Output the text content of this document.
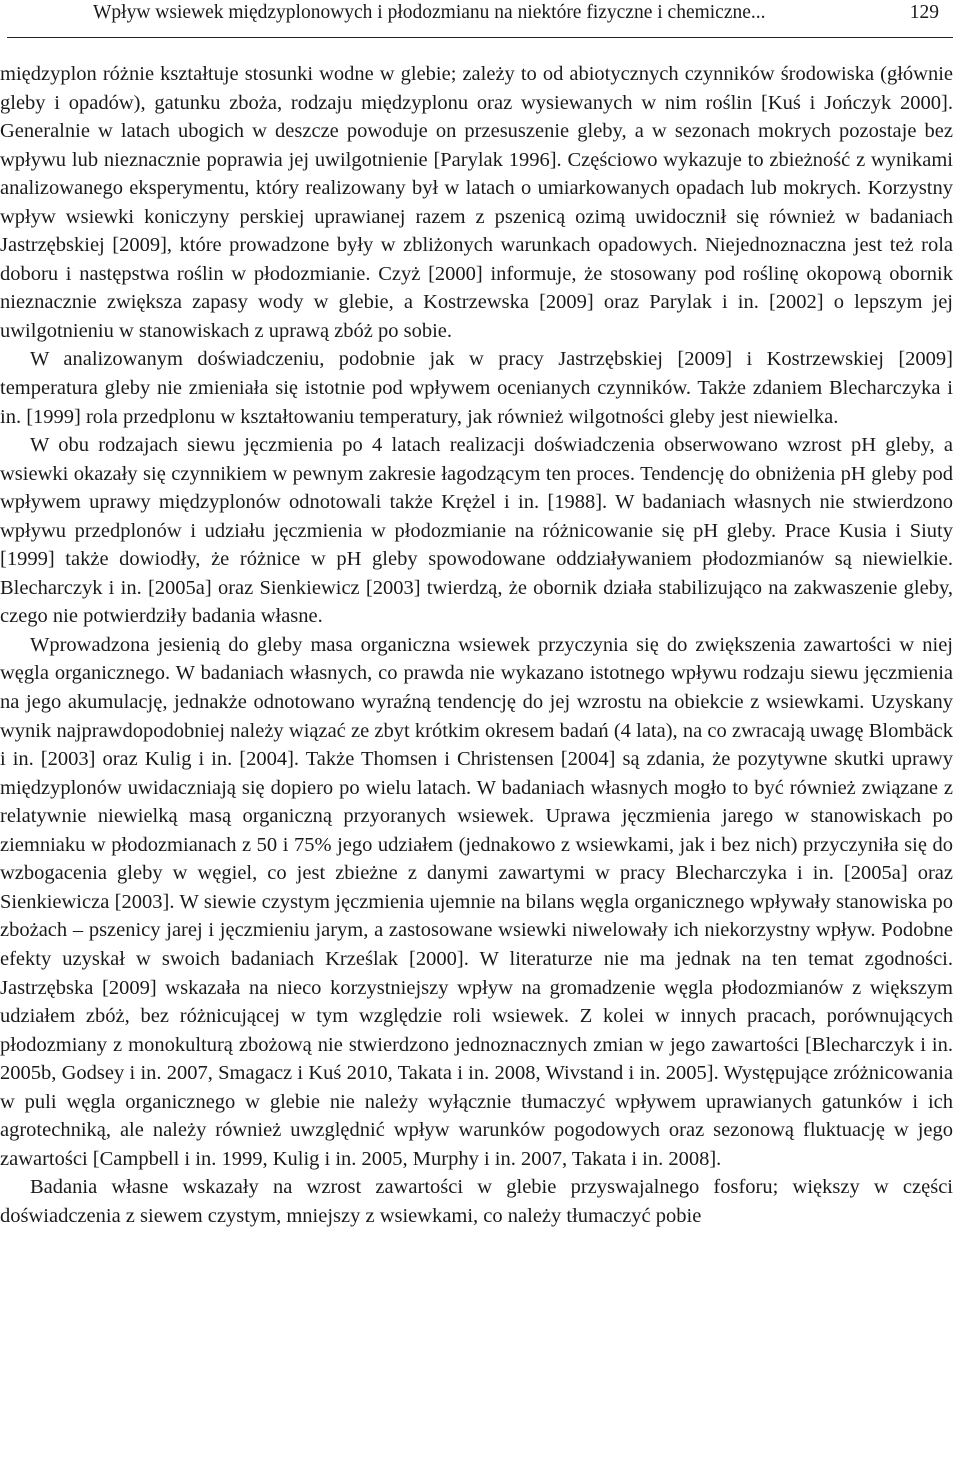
Wpływ wsiewek międzyplonowych i płodozmianu na niektóre fizyczne i chemiczne...	129

międzyplon różnie kształtuje stosunki wodne w glebie; zależy to od abiotycznych czynników środowiska (głównie gleby i opadów), gatunku zboża, rodzaju międzyplonu oraz wysiewanych w nim roślin [Kuś i Jończyk 2000]. Generalnie w latach ubogich w deszcze powoduje on przesuszenie gleby, a w sezonach mokrych pozostaje bez wpływu lub nieznacznie poprawia jej uwilgotnienie [Parylak 1996]. Częściowo wykazuje to zbieżność z wynikami analizowanego eksperymentu, który realizowany był w latach o umiarkowanych opadach lub mokrych. Korzystny wpływ wsiewki koniczyny perskiej uprawianej razem z pszenicą ozimą uwidocznił się również w badaniach Jastrzębskiej [2009], które prowadzone były w zbliżonych warunkach opadowych. Niejednoznaczna jest też rola doboru i następstwa roślin w płodozmianie. Czyż [2000] informuje, że stosowany pod roślinę okopową obornik nieznacznie zwiększa zapasy wody w glebie, a Kostrzewska [2009] oraz Parylak i in. [2002] o lepszym jej uwilgotnieniu w stanowiskach z uprawą zbóż po sobie.

W analizowanym doświadczeniu, podobnie jak w pracy Jastrzębskiej [2009] i Kostrzewskiej [2009] temperatura gleby nie zmieniała się istotnie pod wpływem ocenianych czynników. Także zdaniem Blecharczyka i in. [1999] rola przedplonu w kształtowaniu temperatury, jak również wilgotności gleby jest niewielka.

W obu rodzajach siewu jęczmienia po 4 latach realizacji doświadczenia obserwowano wzrost pH gleby, a wsiewki okazały się czynnikiem w pewnym zakresie łagodzącym ten proces. Tendencję do obniżenia pH gleby pod wpływem uprawy międzyplonów odnotowali także Krężel i in. [1988]. W badaniach własnych nie stwierdzono wpływu przedplonów i udziału jęczmienia w płodozmianie na różnicowanie się pH gleby. Prace Kusia i Siuty [1999] także dowiodły, że różnice w pH gleby spowodowane oddziaływaniem płodozmianów są niewielkie. Blecharczyk i in. [2005a] oraz Sienkiewicz [2003] twierdzą, że obornik działa stabilizująco na zakwaszenie gleby, czego nie potwierdziły badania własne.

Wprowadzona jesienią do gleby masa organiczna wsiewek przyczynia się do zwiększenia zawartości w niej węgla organicznego. W badaniach własnych, co prawda nie wykazano istotnego wpływu rodzaju siewu jęczmienia na jego akumulację, jednakże odnotowano wyraźną tendencję do jej wzrostu na obiekcie z wsiewkami. Uzyskany wynik najprawdopodobniej należy wiązać ze zbyt krótkim okresem badań (4 lata), na co zwracają uwagę Blombäck i in. [2003] oraz Kulig i in. [2004]. Także Thomsen i Christensen [2004] są zdania, że pozytywne skutki uprawy międzyplonów uwidaczniają się dopiero po wielu latach. W badaniach własnych mogło to być również związane z relatywnie niewielką masą organiczną przyoranych wsiewek. Uprawa jęczmienia jarego w stanowiskach po ziemniaku w płodozmianach z 50 i 75% jego udziałem (jednakowo z wsiewkami, jak i bez nich) przyczyniła się do wzbogacenia gleby w węgiel, co jest zbieżne z danymi zawartymi w pracy Blecharczyka i in. [2005a] oraz Sienkiewicza [2003]. W siewie czystym jęczmienia ujemnie na bilans węgla organicznego wpływały stanowiska po zbożach – pszenicy jarej i jęczmieniu jarym, a zastosowane wsiewki niwelowały ich niekorzystny wpływ. Podobne efekty uzyskał w swoich badaniach Krześlak [2000]. W literaturze nie ma jednak na ten temat zgodności. Jastrzębska [2009] wskazała na nieco korzystniejszy wpływ na gromadzenie węgla płodozmianów z większym udziałem zbóż, bez różnicującej w tym względzie roli wsiewek. Z kolei w innych pracach, porównujących płodozmiany z monokulturą zbożową nie stwierdzono jednoznacznych zmian w jego zawartości [Blecharczyk i in. 2005b, Godsey i in. 2007, Smagacz i Kuś 2010, Takata i in. 2008, Wivstand i in. 2005]. Występujące zróżnicowania w puli węgla organicznego w glebie nie należy wyłącznie tłumaczyć wpływem uprawianych gatunków i ich agrotechniką, ale należy również uwzględnić wpływ warunków pogodowych oraz sezonową fluktuację w jego zawartości [Campbell i in. 1999, Kulig i in. 2005, Murphy i in. 2007, Takata i in. 2008].

Badania własne wskazały na wzrost zawartości w glebie przyswajalnego fosforu; większy w części doświadczenia z siewem czystym, mniejszy z wsiewkami, co należy tłumaczyć pobie
